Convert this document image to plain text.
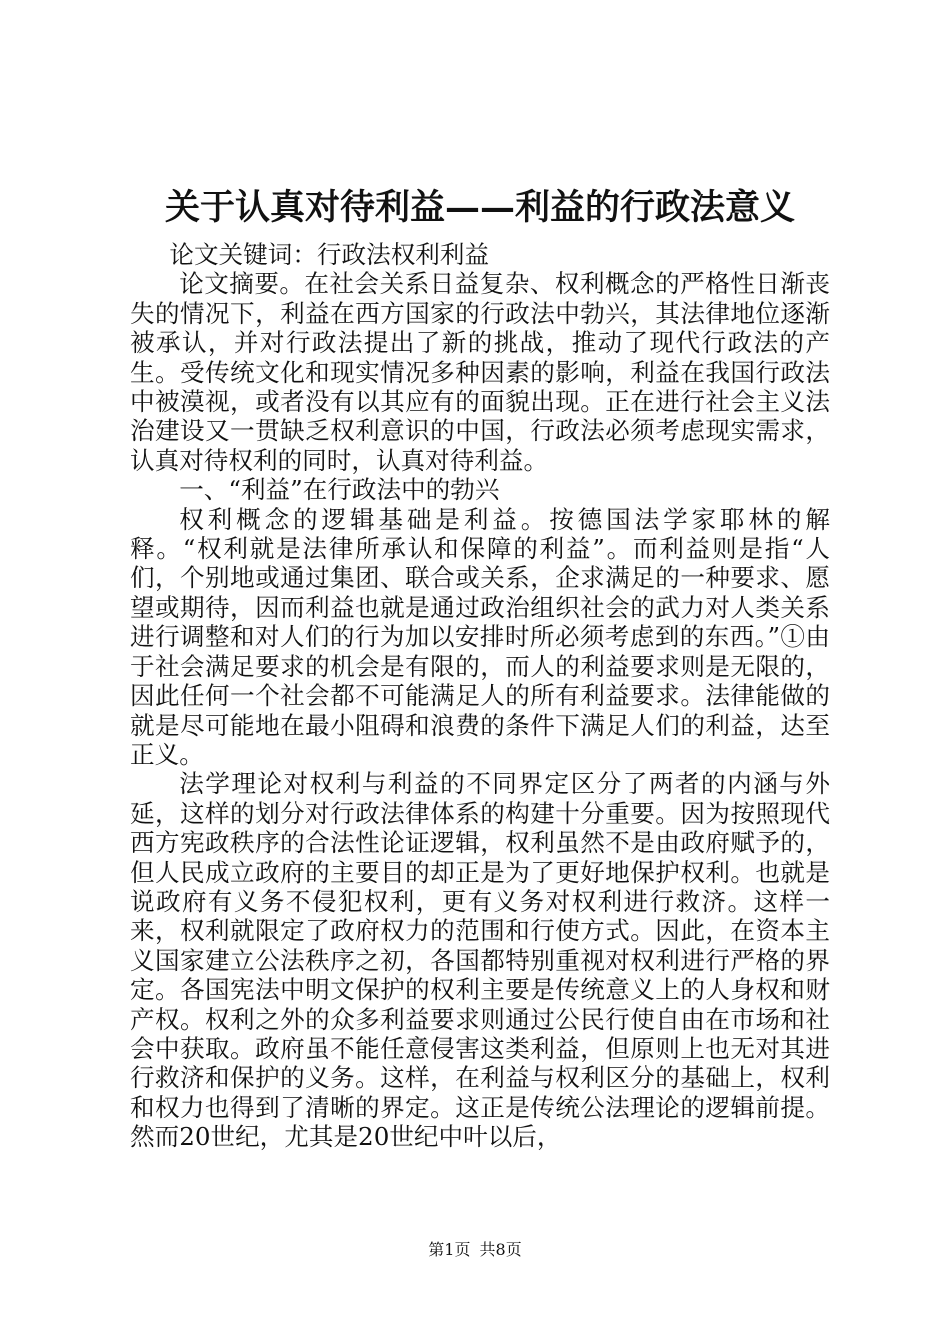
关于认真对待利益——利益的行政法意义

论文关键词：行政法权利利益

论文摘要。在社会关系日益复杂、权利概念的严格性日渐丧失的情况下，利益在西方国家的行政法中勃兴，其法律地位逐渐被承认，并对行政法提出了新的挑战，推动了现代行政法的产生。受传统文化和现实情况多种因素的影响，利益在我国行政法中被漠视，或者没有以其应有的面貌出现。正在进行社会主义法治建设又一贯缺乏权利意识的中国，行政法必须考虑现实需求，认真对待权利的同时，认真对待利益。

一、“利益”在行政法中的勃兴

权利概念的逻辑基础是利益。按德国法学家耶林的解释。“权利就是法律所承认和保障的利益”。而利益则是指“人们，个别地或通过集团、联合或关系，企求满足的一种要求、愿望或期待，因而利益也就是通过政治组织社会的武力对人类关系进行调整和对人们的行为加以安排时所必须考虑到的东西。”①由于社会满足要求的机会是有限的，而人的利益要求则是无限的，因此任何一个社会都不可能满足人的所有利益要求。法律能做的就是尽可能地在最小阻碍和浪费的条件下满足人们的利益，达至正义。

法学理论对权利与利益的不同界定区分了两者的内涵与外延，这样的划分对行政法律体系的构建十分重要。因为按照现代西方宪政秩序的合法性论证逻辑，权利虽然不是由政府赋予的，但人民成立政府的主要目的却正是为了更好地保护权利。也就是说政府有义务不侵犯权利，更有义务对权利进行救济。这样一来，权利就限定了政府权力的范围和行使方式。因此，在资本主义国家建立公法秩序之初，各国都特别重视对权利进行严格的界定。各国宪法中明文保护的权利主要是传统意义上的人身权和财产权。权利之外的众多利益要求则通过公民行使自由在市场和社会中获取。政府虽不能任意侵害这类利益，但原则上也无对其进行救济和保护的义务。这样，在利益与权利区分的基础上，权利和权力也得到了清晰的界定。这正是传统公法理论的逻辑前提。然而20世纪，尤其是20世纪中叶以后，

第1页 共8页
